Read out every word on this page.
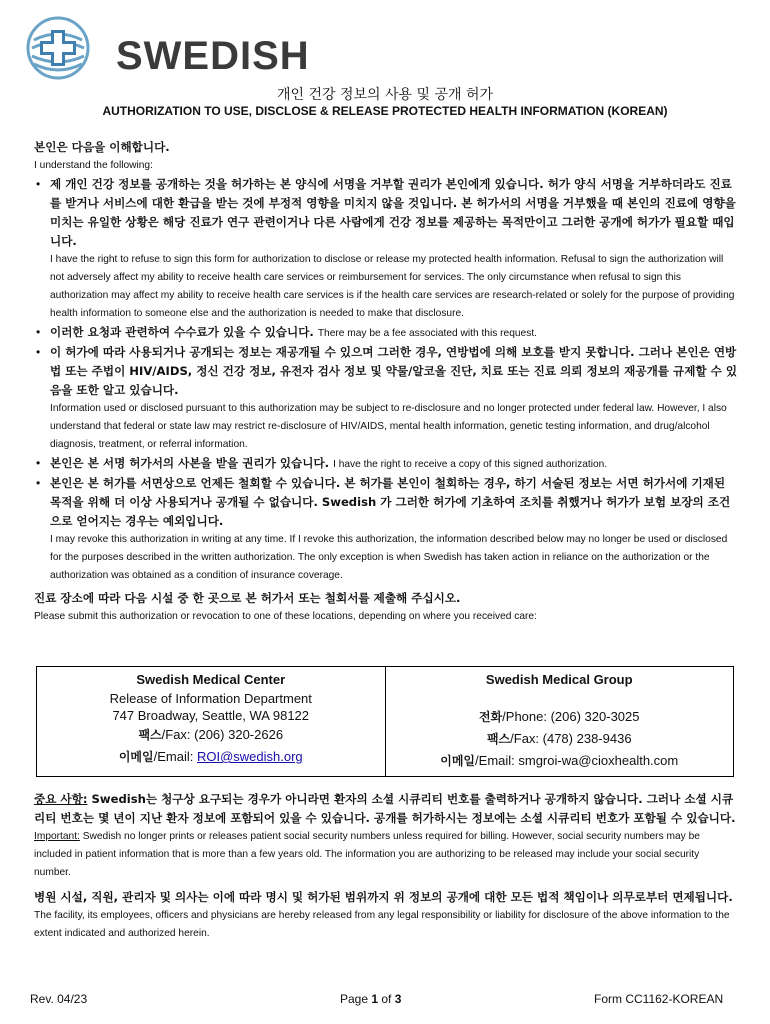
SWEDISH
개인 건강 정보의 사용 및 공개 허가
AUTHORIZATION TO USE, DISCLOSE & RELEASE PROTECTED HEALTH INFORMATION (KOREAN)
본인은 다음을 이해합니다.
I understand the following:
• 제 개인 건강 정보를 공개하는 것을 허가하는 본 양식에 서명을 거부할 권리가 본인에게 있습니다. 허가 양식 서명을 거부하더라도 진료를 받거나 서비스에 대한 환급을 받는 것에 부정적 영향을 미치지 않을 것입니다. 본 허가서의 서명을 거부했을 때 본인의 진료에 영향을 미치는 유일한 상황은 해당 진료가 연구 관련이거나 다른 사람에게 건강 정보를 제공하는 목적만이고 그러한 공개에 허가가 필요할 때입니다.
I have the right to refuse to sign this form for authorization to disclose or release my protected health information. Refusal to sign the authorization will not adversely affect my ability to receive health care services or reimbursement for services. The only circumstance when refusal to sign this authorization may affect my ability to receive health care services is if the health care services are research-related or solely for the purpose of providing health information to someone else and the authorization is needed to make that disclosure.
• 이러한 요청과 관련하여 수수료가 있을 수 있습니다. There may be a fee associated with this request.
• 이 허가에 따라 사용되거나 공개되는 정보는 재공개될 수 있으며 그러한 경우, 연방법에 의해 보호를 받지 못합니다. 그러나 본인은 연방법 또는 주법이 HIV/AIDS, 정신 건강 정보, 유전자 검사 정보 및 약물/알코올 진단, 치료 또는 진료 의뢰 정보의 재공개를 규제할 수 있음을 또한 알고 있습니다.
Information used or disclosed pursuant to this authorization may be subject to re-disclosure and no longer protected under federal law. However, I also understand that federal or state law may restrict re-disclosure of HIV/AIDS, mental health information, genetic testing information, and drug/alcohol diagnosis, treatment, or referral information.
• 본인은 본 서명 허가서의 사본을 받을 권리가 있습니다. I have the right to receive a copy of this signed authorization.
• 본인은 본 허가를 서면상으로 언제든 철회할 수 있습니다. 본 허가를 본인이 철회하는 경우, 하기 서술된 정보는 서면 허가서에 기재된 목적을 위해 더 이상 사용되거나 공개될 수 없습니다. Swedish 가 그러한 허가에 기초하여 조치를 취했거나 허가가 보험 보장의 조건으로 얻어지는 경우는 예외입니다.
I may revoke this authorization in writing at any time. If I revoke this authorization, the information described below may no longer be used or disclosed for the purposes described in the written authorization. The only exception is when Swedish has taken action in reliance on the authorization or the authorization was obtained as a condition of insurance coverage.
진료 장소에 따라 다음 시설 중 한 곳으로 본 허가서 또는 철회서를 제출해 주십시오.
Please submit this authorization or revocation to one of these locations, depending on where you received care:
Swedish Medical Center
Release of Information Department
747 Broadway, Seattle, WA 98122
팩스/Fax: (206) 320-2626
이메일/Email: ROI@swedish.org

Swedish Medical Group
전화/Phone: (206) 320-3025
팩스/Fax: (478) 238-9436
이메일/Email: smgroi-wa@cioxhealth.com
중요 사항: Swedish는 청구상 요구되는 경우가 아니라면 환자의 소셜 시큐리티 번호를 출력하거나 공개하지 않습니다. 그러나 소셜 시큐리티 번호는 몇 년이 지난 환자 정보에 포함되어 있을 수 있습니다. 공개를 허가하시는 정보에는 소셜 시큐리티 번호가 포함될 수 있습니다.
Important: Swedish no longer prints or releases patient social security numbers unless required for billing. However, social security numbers may be included in patient information that is more than a few years old. The information you are authorizing to be released may include your social security number.
병원 시설, 직원, 관리자 및 의사는 이에 따라 명시 및 허가된 범위까지 위 정보의 공개에 대한 모든 법적 책임이나 의무로부터 면제됩니다.
The facility, its employees, officers and physicians are hereby released from any legal responsibility or liability for disclosure of the above information to the extent indicated and authorized herein.
Rev. 04/23	Page 1 of 3	Form CC1162-KOREAN
